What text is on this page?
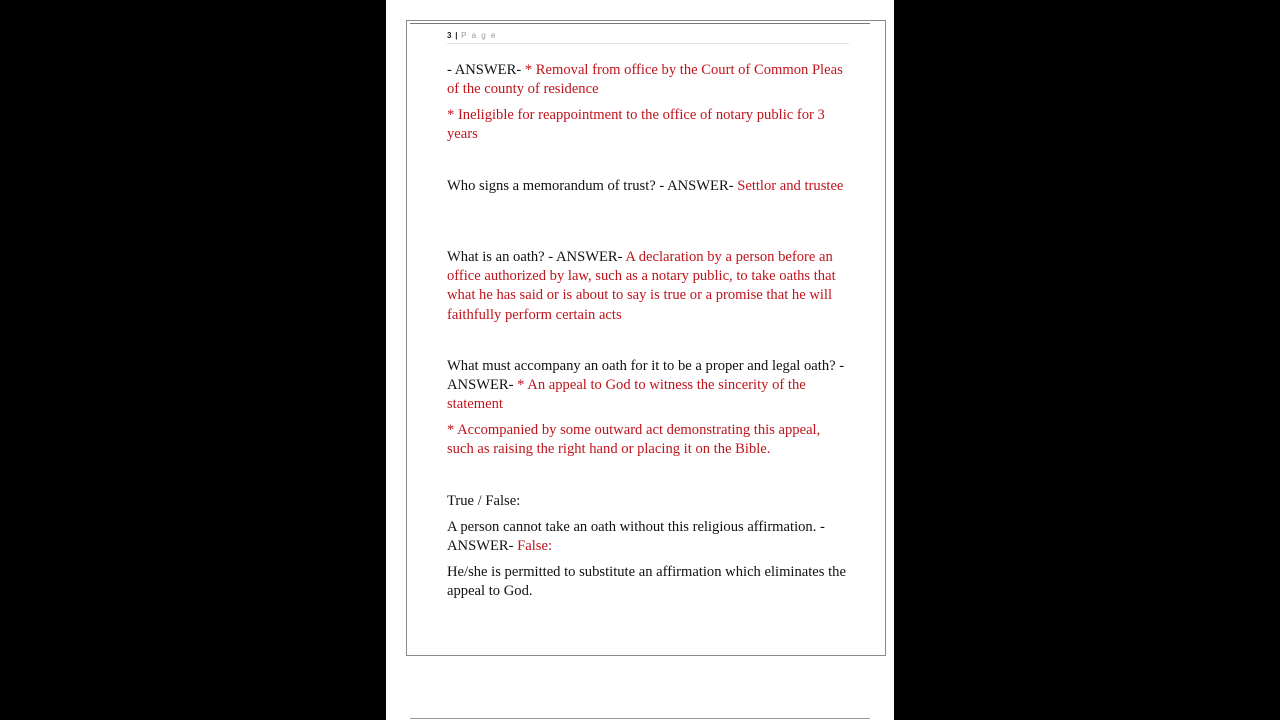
3 | P a g e
- ANSWER- * Removal from office by the Court of Common Pleas of the county of residence
* Ineligible for reappointment to the office of notary public for 3 years
Who signs a memorandum of trust? - ANSWER- Settlor and trustee
What is an oath? - ANSWER- A declaration by a person before an office authorized by law, such as a notary public, to take oaths that what he has said or is about to say is true or a promise that he will faithfully perform certain acts
What must accompany an oath for it to be a proper and legal oath? - ANSWER- * An appeal to God to witness the sincerity of the statement
* Accompanied by some outward act demonstrating this appeal, such as raising the right hand or placing it on the Bible.
True / False:
A person cannot take an oath without this religious affirmation. - ANSWER- False:
He/she is permitted to substitute an affirmation which eliminates the appeal to God.
